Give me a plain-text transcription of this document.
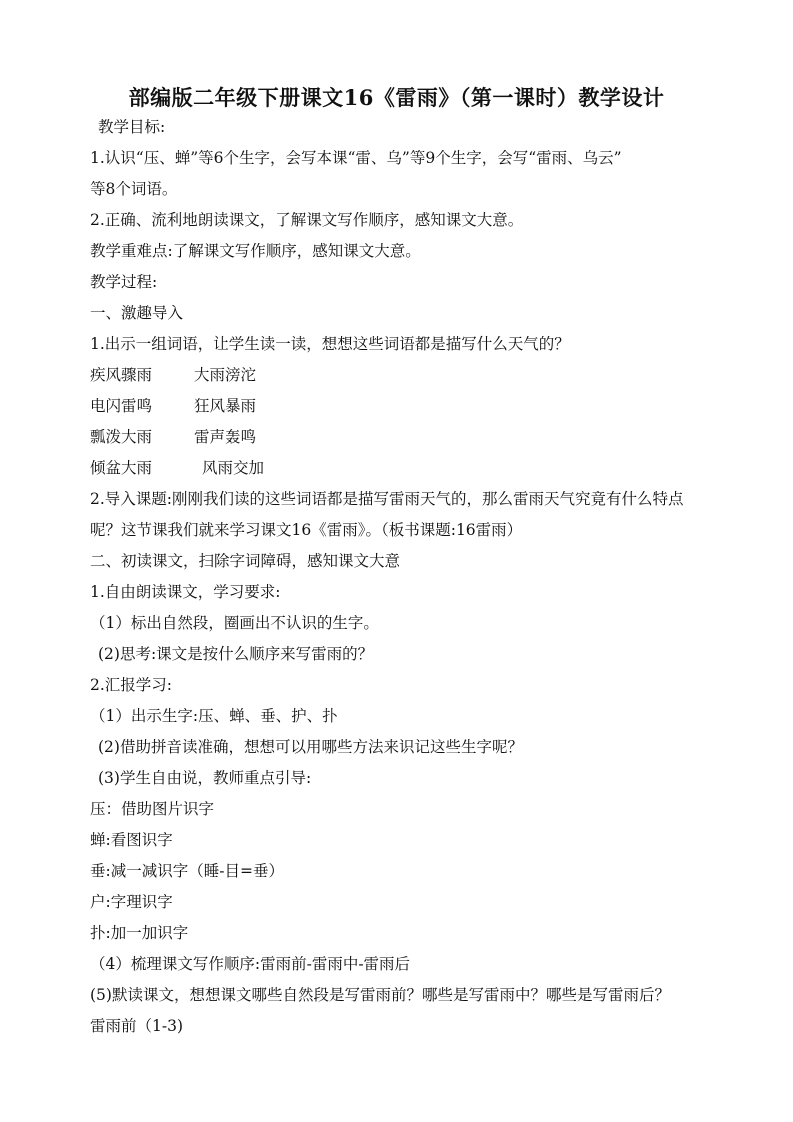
部编版二年级下册课文16《雷雨》（第一课时）教学设计
教学目标:
1.认识“压、蝉”等6个生字，会写本课“雷、乌”等9个生字，会写“雷雨、乌云”
等8个词语。
2.正确、流利地朗读课文，了解课文写作顺序，感知课文大意。
教学重难点:了解课文写作顺序，感知课文大意。
教学过程:
一、激趣导入
1.出示一组词语，让学生读一读，想想这些词语都是描写什么天气的？
疾风骤雨	大雨滂沱
电闪雷鸣	狂风暴雨
瓢泼大雨	雷声轰鸣
倾盆大雨	风雨交加
2.导入课题:刚刚我们读的这些词语都是描写雷雨天气的，那么雷雨天气究竟有什么特点
呢？这节课我们就来学习课文16《雷雨》。（板书课题:16雷雨）
二、初读课文，扫除字词障碍，感知课文大意
1.自由朗读课文，学习要求:
（1）标出自然段，圈画出不认识的生字。
(2)思考:课文是按什么顺序来写雷雨的？
2.汇报学习:
（1）出示生字:压、蝉、垂、护、扑
(2)借助拼音读准确，想想可以用哪些方法来识记这些生字呢？
(3)学生自由说，教师重点引导:
压：借助图片识字
蝉:看图识字
垂:减一减识字（睡-目=垂）
户:字理识字
扑:加一加识字
（4）梳理课文写作顺序:雷雨前-雷雨中-雷雨后
(5)默读课文，想想课文哪些自然段是写雷雨前？哪些是写雷雨中？哪些是写雷雨后？
雷雨前（1-3)
